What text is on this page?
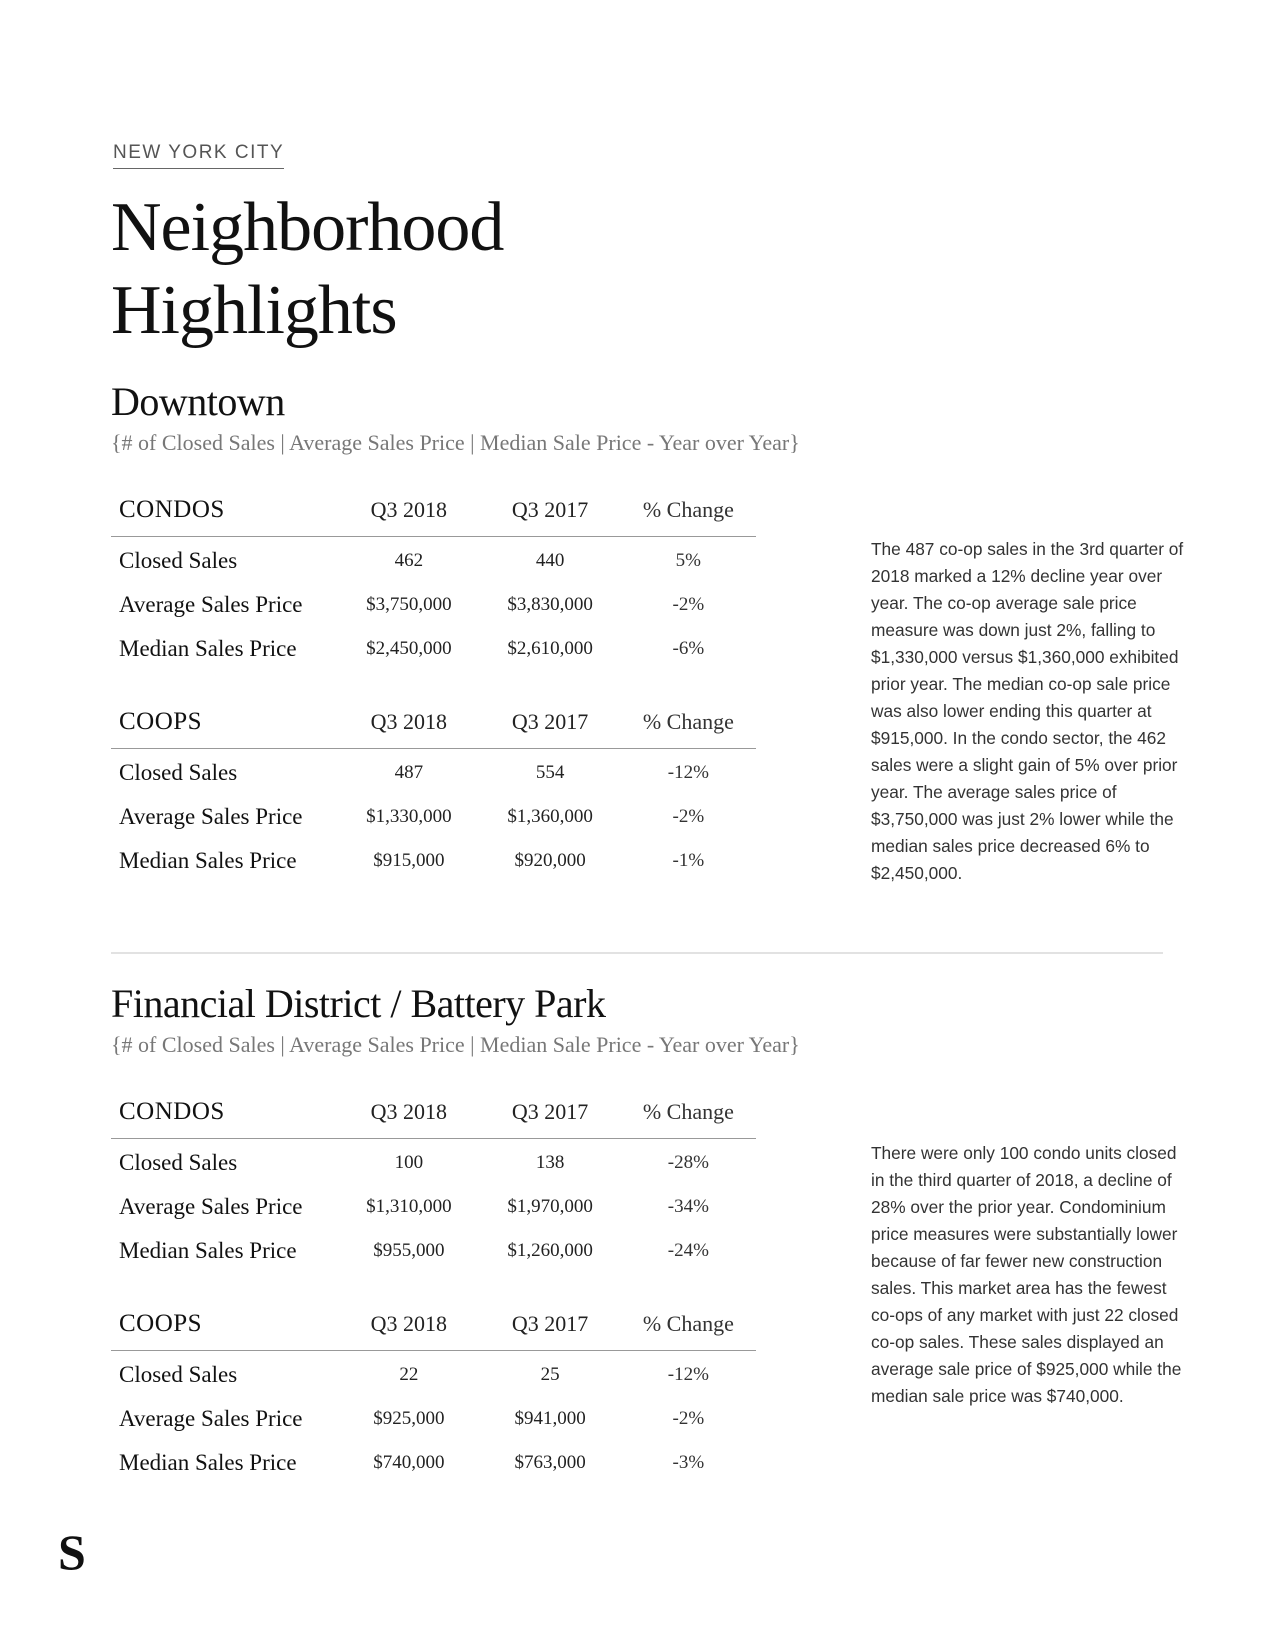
NEW YORK CITY
Neighborhood
Highlights
Downtown
{# of Closed Sales | Average Sales Price | Median Sale Price - Year over Year}
CONDOS	Q3 2018	Q3 2017	% Change
Closed Sales	462	440	5%
Average Sales Price	$3,750,000	$3,830,000	-2%
Median Sales Price	$2,450,000	$2,610,000	-6%
COOPS	Q3 2018	Q3 2017	% Change
Closed Sales	487	554	-12%
Average Sales Price	$1,330,000	$1,360,000	-2%
Median Sales Price	$915,000	$920,000	-1%
The 487 co-op sales in the 3rd quarter of 2018 marked a 12% decline year over year. The co-op average sale price measure was down just 2%, falling to $1,330,000 versus $1,360,000 exhibited prior year. The median co-op sale price was also lower ending this quarter at $915,000. In the condo sector, the 462 sales were a slight gain of 5% over prior year. The average sales price of $3,750,000 was just 2% lower while the median sales price decreased 6% to $2,450,000.
Financial District / Battery Park
{# of Closed Sales | Average Sales Price | Median Sale Price - Year over Year}
CONDOS	Q3 2018	Q3 2017	% Change
Closed Sales	100	138	-28%
Average Sales Price	$1,310,000	$1,970,000	-34%
Median Sales Price	$955,000	$1,260,000	-24%
COOPS	Q3 2018	Q3 2017	% Change
Closed Sales	22	25	-12%
Average Sales Price	$925,000	$941,000	-2%
Median Sales Price	$740,000	$763,000	-3%
There were only 100 condo units closed in the third quarter of 2018, a decline of 28% over the prior year. Condominium price measures were substantially lower because of far fewer new construction sales. This market area has the fewest co-ops of any market with just 22 closed co-op sales. These sales displayed an average sale price of $925,000 while the median sale price was $740,000.
S
